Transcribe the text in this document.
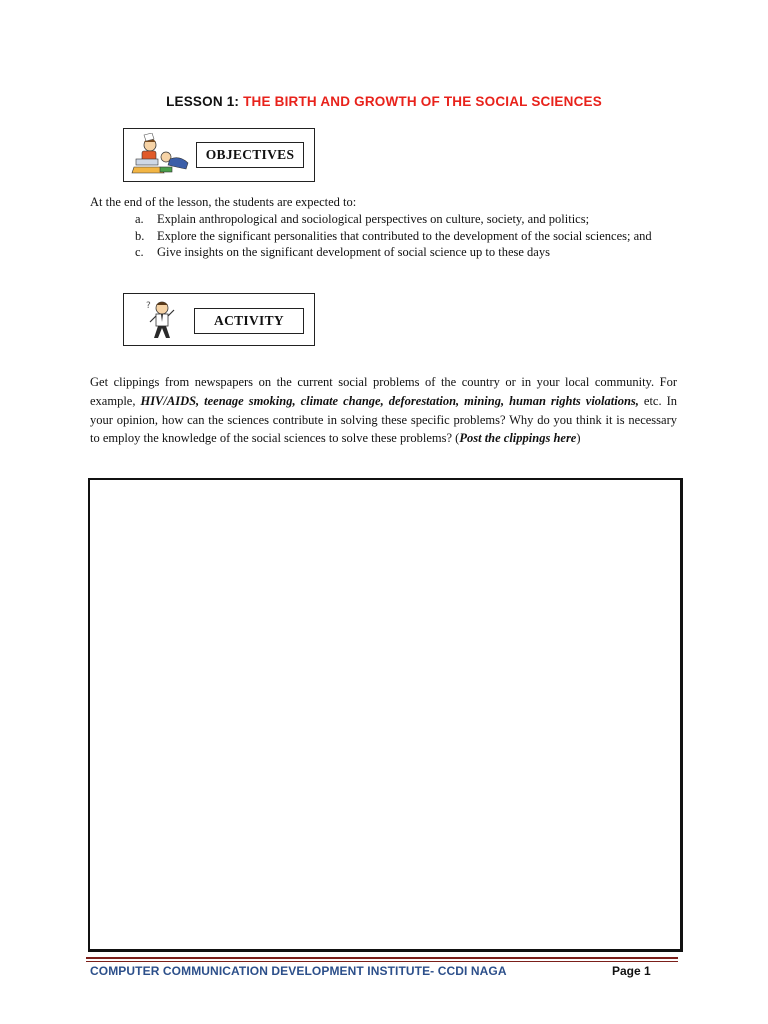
LESSON 1: THE BIRTH AND GROWTH OF THE SOCIAL SCIENCES
OBJECTIVES
At the end of the lesson, the students are expected to:
a.	Explain anthropological and sociological perspectives on culture, society, and politics;
b.	Explore the significant personalities that contributed to the development of the social sciences; and
c.	Give insights on the significant development of social science up to these days
?
ACTIVITY
Get clippings from newspapers on the current social problems of the country or in your local community. For example, HIV/AIDS, teenage smoking, climate change, deforestation, mining, human rights violations, etc. In your opinion, how can the sciences contribute in solving these specific problems? Why do you think it is necessary to employ the knowledge of the social sciences to solve these problems? (Post the clippings here)
COMPUTER COMMUNICATION DEVELOPMENT INSTITUTE- CCDI NAGA	Page 1
